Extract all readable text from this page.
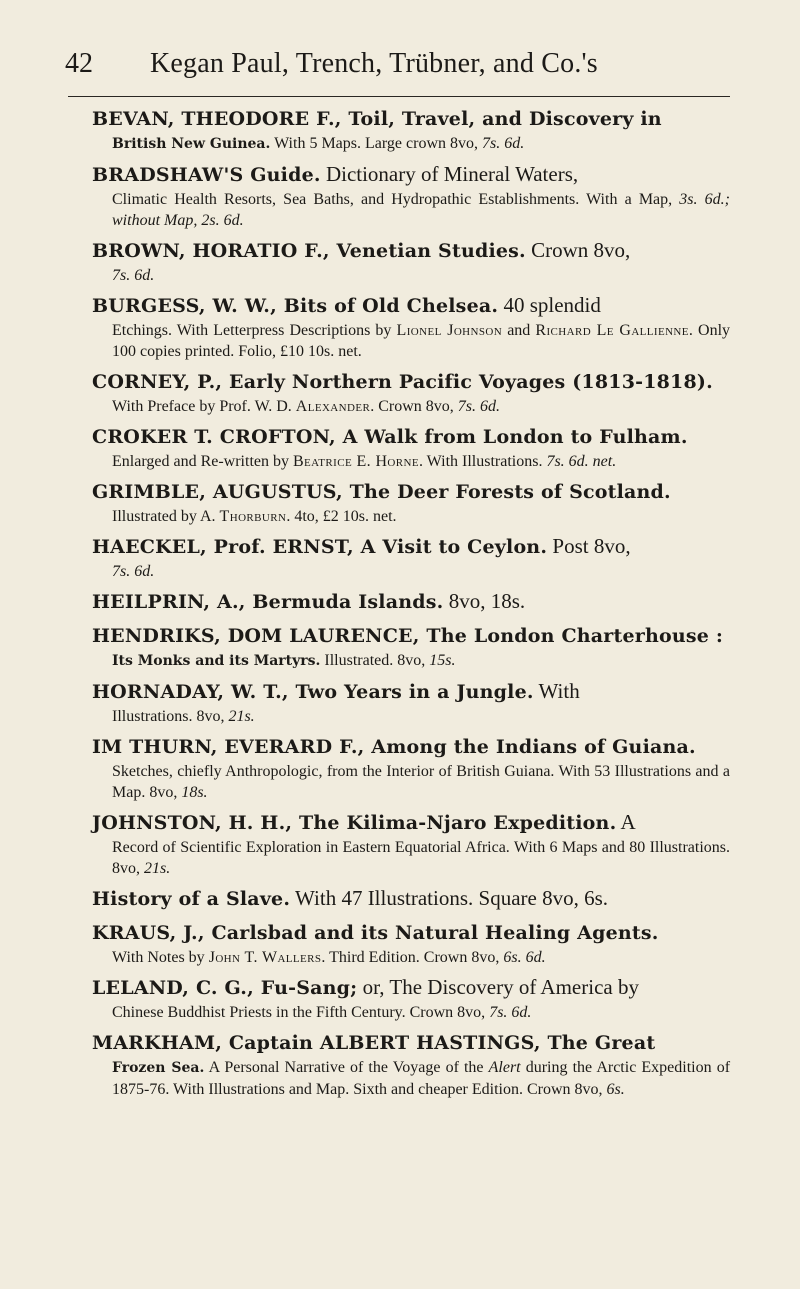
42 Kegan Paul, Trench, Trübner, and Co.'s

BEVAN, THEODORE F., Toil, Travel, and Discovery in
British New Guinea. With 5 Maps. Large crown 8vo, 7s. 6d.

BRADSHAW'S Guide. Dictionary of Mineral Waters,
Climatic Health Resorts, Sea Baths, and Hydropathic Establishments. With a Map, 3s. 6d.; without Map, 2s. 6d.

BROWN, HORATIO F., Venetian Studies. Crown 8vo,
7s. 6d.

BURGESS, W. W., Bits of Old Chelsea. 40 splendid
Etchings. With Letterpress Descriptions by Lionel Johnson and Richard Le Gallienne. Only 100 copies printed. Folio, £10 10s. net.

CORNEY, P., Early Northern Pacific Voyages (1813-1818).
With Preface by Prof. W. D. Alexander. Crown 8vo, 7s. 6d.

CROKER T. CROFTON, A Walk from London to Fulham.
Enlarged and Re-written by Beatrice E. Horne. With Illustrations. 7s. 6d. net.

GRIMBLE, AUGUSTUS, The Deer Forests of Scotland.
Illustrated by A. Thorburn. 4to, £2 10s. net.

HAECKEL, Prof. ERNST, A Visit to Ceylon. Post 8vo,
7s. 6d.

HEILPRIN, A., Bermuda Islands. 8vo, 18s.

HENDRIKS, DOM LAURENCE, The London Charterhouse :
Its Monks and its Martyrs. Illustrated. 8vo, 15s.

HORNADAY, W. T., Two Years in a Jungle. With
Illustrations. 8vo, 21s.

IM THURN, EVERARD F., Among the Indians of Guiana.
Sketches, chiefly Anthropologic, from the Interior of British Guiana. With 53 Illustrations and a Map. 8vo, 18s.

JOHNSTON, H. H., The Kilima-Njaro Expedition. A
Record of Scientific Exploration in Eastern Equatorial Africa. With 6 Maps and 80 Illustrations. 8vo, 21s.

History of a Slave. With 47 Illustrations. Square 8vo, 6s.

KRAUS, J., Carlsbad and its Natural Healing Agents.
With Notes by John T. Wallers. Third Edition. Crown 8vo, 6s. 6d.

LELAND, C. G., Fu-Sang; or, The Discovery of America by
Chinese Buddhist Priests in the Fifth Century. Crown 8vo, 7s. 6d.

MARKHAM, Captain ALBERT HASTINGS, The Great
Frozen Sea. A Personal Narrative of the Voyage of the Alert during the Arctic Expedition of 1875-76. With Illustrations and Map. Sixth and cheaper Edition. Crown 8vo, 6s.
